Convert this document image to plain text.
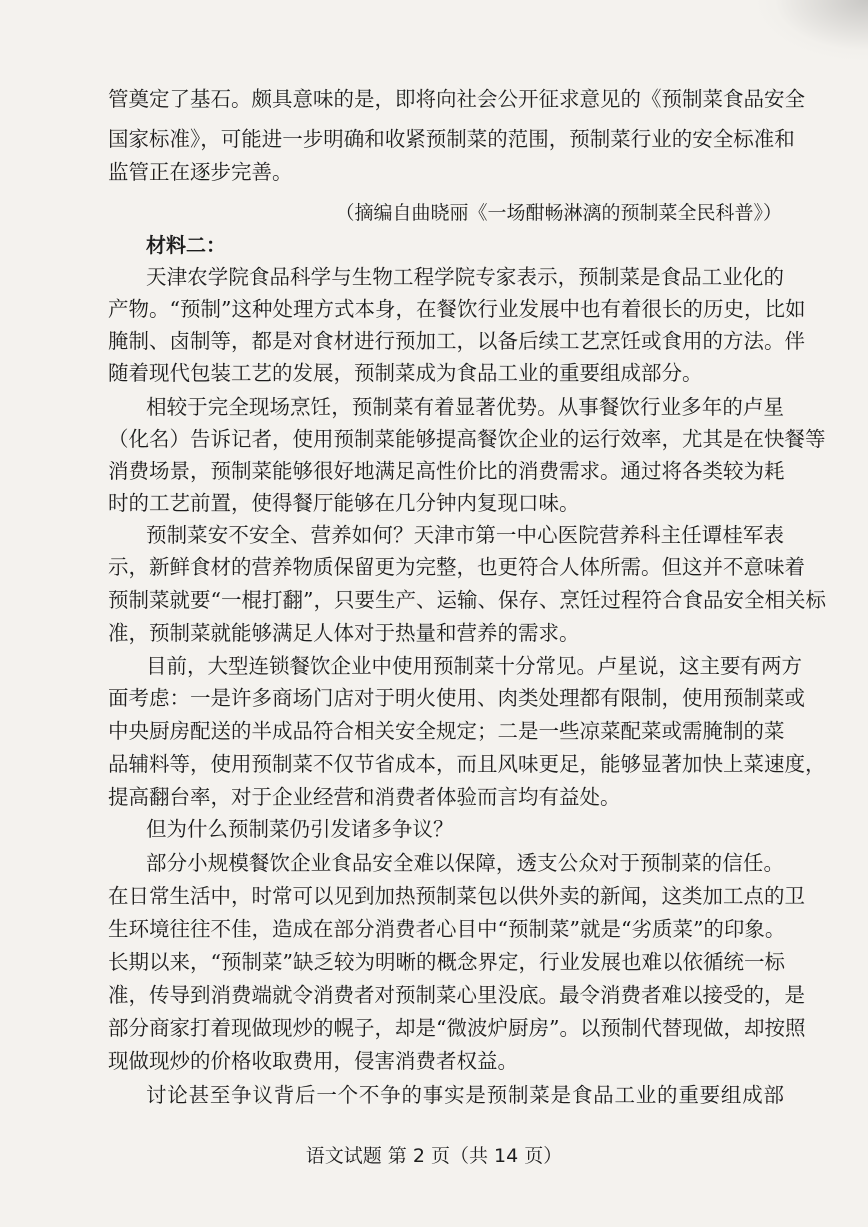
管奠定了基石。颇具意味的是，即将向社会公开征求意见的《预制菜食品安全
国家标准》，可能进一步明确和收紧预制菜的范围，预制菜行业的安全标准和
监管正在逐步完善。
（摘编自曲晓丽《一场酣畅淋漓的预制菜全民科普》）
材料二：
天津农学院食品科学与生物工程学院专家表示，预制菜是食品工业化的
产物。“预制”这种处理方式本身，在餐饮行业发展中也有着很长的历史，比如
腌制、卤制等，都是对食材进行预加工，以备后续工艺烹饪或食用的方法。伴
随着现代包装工艺的发展，预制菜成为食品工业的重要组成部分。
相较于完全现场烹饪，预制菜有着显著优势。从事餐饮行业多年的卢星
（化名）告诉记者，使用预制菜能够提高餐饮企业的运行效率，尤其是在快餐等
消费场景，预制菜能够很好地满足高性价比的消费需求。通过将各类较为耗
时的工艺前置，使得餐厅能够在几分钟内复现口味。
预制菜安不安全、营养如何？天津市第一中心医院营养科主任谭桂军表
示，新鲜食材的营养物质保留更为完整，也更符合人体所需。但这并不意味着
预制菜就要“一棍打翻”，只要生产、运输、保存、烹饪过程符合食品安全相关标
准，预制菜就能够满足人体对于热量和营养的需求。
目前，大型连锁餐饮企业中使用预制菜十分常见。卢星说，这主要有两方
面考虑：一是许多商场门店对于明火使用、肉类处理都有限制，使用预制菜或
中央厨房配送的半成品符合相关安全规定；二是一些凉菜配菜或需腌制的菜
品辅料等，使用预制菜不仅节省成本，而且风味更足，能够显著加快上菜速度，
提高翻台率，对于企业经营和消费者体验而言均有益处。
但为什么预制菜仍引发诸多争议？
部分小规模餐饮企业食品安全难以保障，透支公众对于预制菜的信任。
在日常生活中，时常可以见到加热预制菜包以供外卖的新闻，这类加工点的卫
生环境往往不佳，造成在部分消费者心目中“预制菜”就是“劣质菜”的印象。
长期以来，“预制菜”缺乏较为明晰的概念界定，行业发展也难以依循统一标
准，传导到消费端就令消费者对预制菜心里没底。最令消费者难以接受的，是
部分商家打着现做现炒的幌子，却是“微波炉厨房”。以预制代替现做，却按照
现做现炒的价格收取费用，侵害消费者权益。
讨论甚至争议背后一个不争的事实是预制菜是食品工业的重要组成部
语文试题 第 2 页（共 14 页）
